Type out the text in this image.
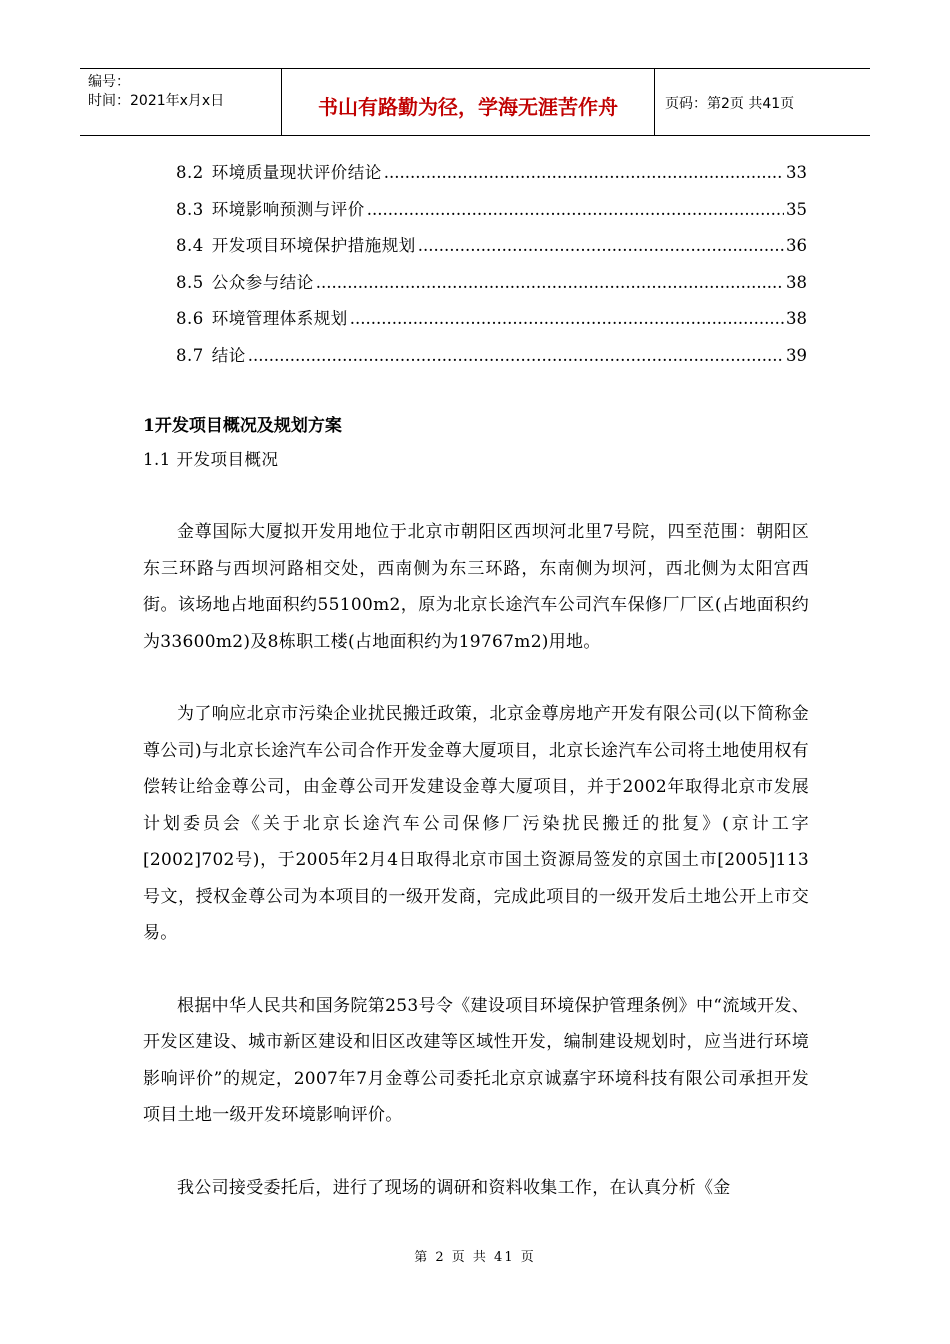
编号：
时间：2021年x月x日	书山有路勤为径，学海无涯苦作舟	页码：第2页 共41页
8.2 环境质量现状评价结论 .....	33
8.3 环境影响预测与评价 .....	35
8.4 开发项目环境保护措施规划 .....	36
8.5 公众参与结论 .....	38
8.6 环境管理体系规划 .....	38
8.7 结论 .....	39
1开发项目概况及规划方案
1.1 开发项目概况

金尊国际大厦拟开发用地位于北京市朝阳区西坝河北里7号院，四至范围：朝阳区东三环路与西坝河路相交处，西南侧为东三环路，东南侧为坝河，西北侧为太阳宫西街。该场地占地面积约55100m2，原为北京长途汽车公司汽车保修厂厂区(占地面积约为33600m2)及8栋职工楼(占地面积约为19767m2)用地。

为了响应北京市污染企业扰民搬迁政策，北京金尊房地产开发有限公司(以下简称金尊公司)与北京长途汽车公司合作开发金尊大厦项目，北京长途汽车公司将土地使用权有偿转让给金尊公司，由金尊公司开发建设金尊大厦项目，并于2002年取得北京市发展计划委员会《关于北京长途汽车公司保修厂污染扰民搬迁的批复》(京计工字[2002]702号)，于2005年2月4日取得北京市国土资源局签发的京国土市[2005]113号文，授权金尊公司为本项目的一级开发商，完成此项目的一级开发后土地公开上市交易。

根据中华人民共和国务院第253号令《建设项目环境保护管理条例》中“流域开发、开发区建设、城市新区建设和旧区改建等区域性开发，编制建设规划时，应当进行环境影响评价”的规定，2007年7月金尊公司委托北京京诚嘉宇环境科技有限公司承担开发项目土地一级开发环境影响评价。

我公司接受委托后，进行了现场的调研和资料收集工作，在认真分析《金

第 2 页 共 41 页
